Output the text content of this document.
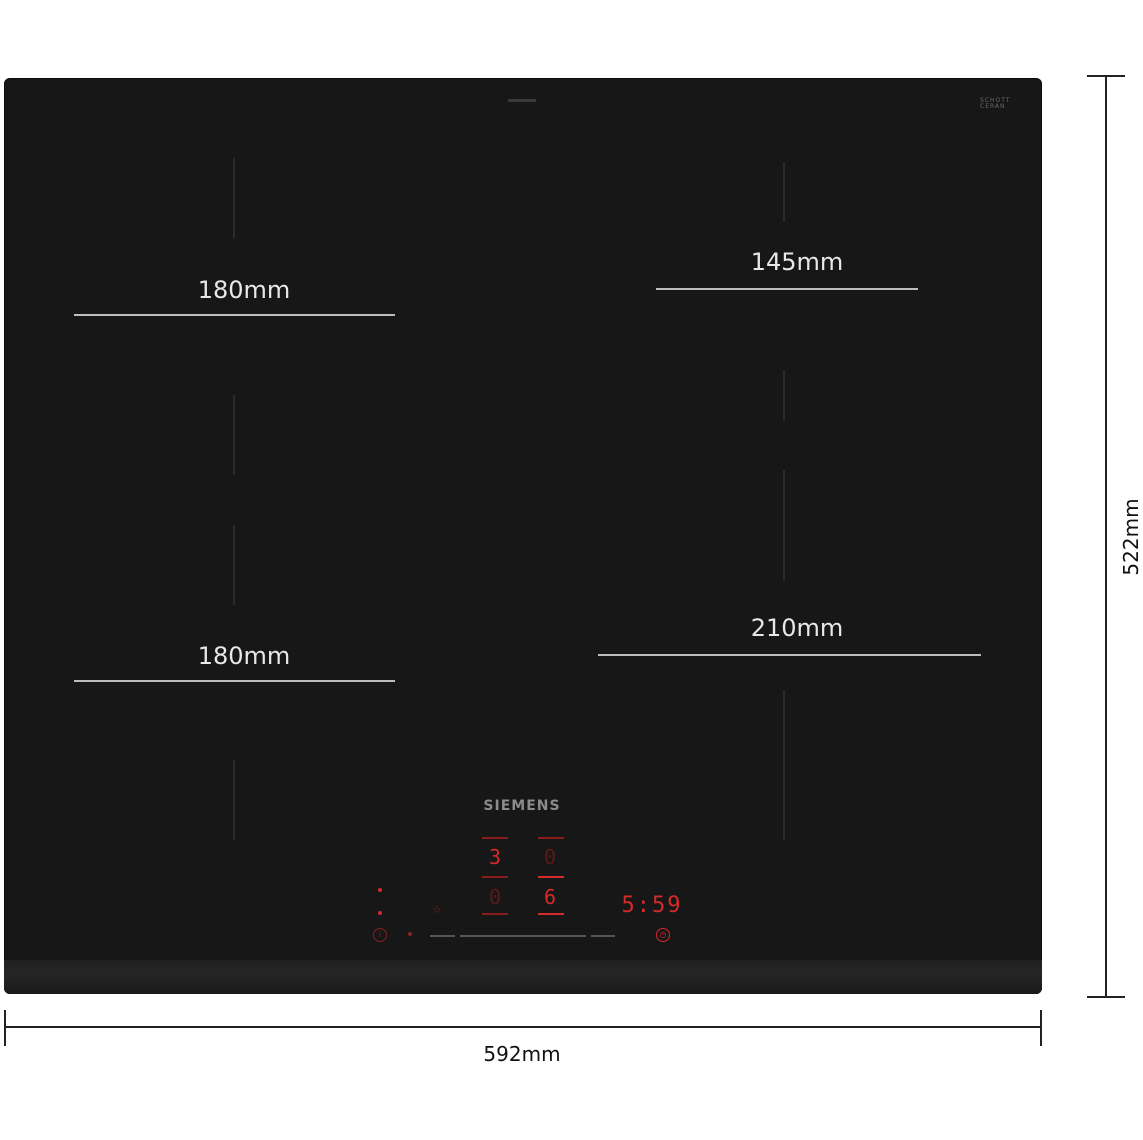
SCHOTT
CERAN
180mm
145mm
180mm
210mm
SIEMENS
3 0
0 6
i
☆	5:59
◷
592mm
522mm
